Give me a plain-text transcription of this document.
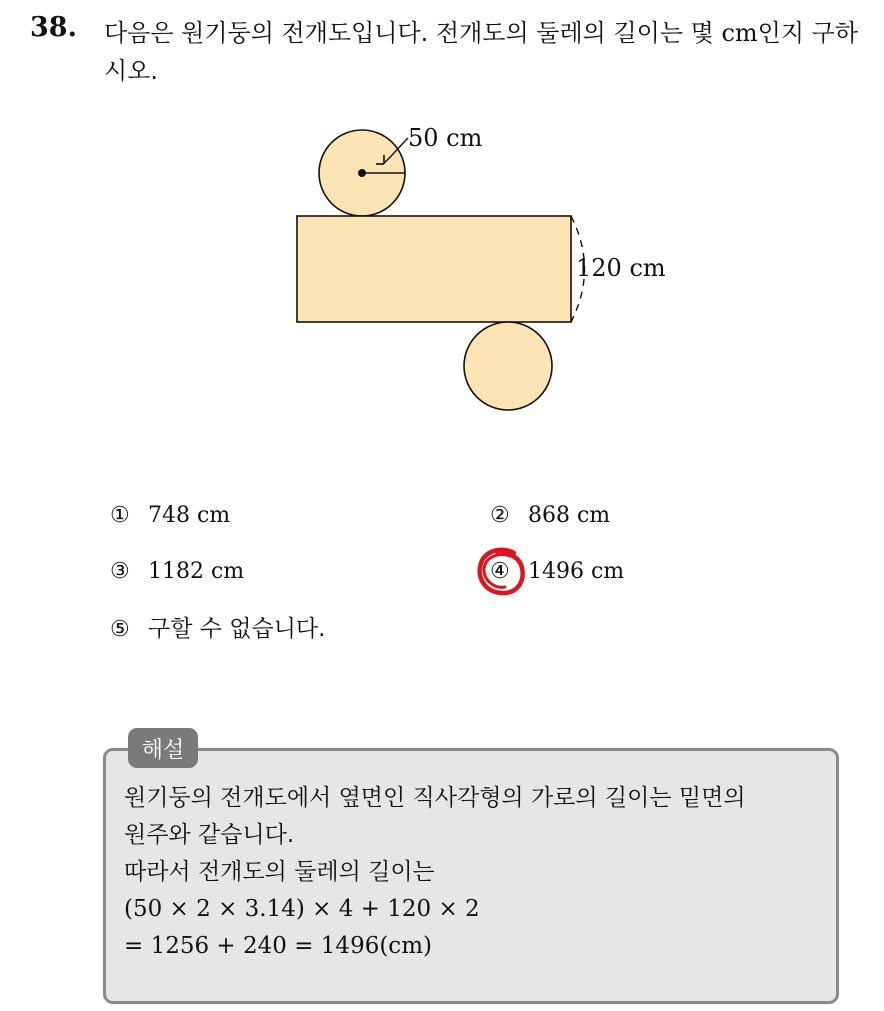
38. 다음은 원기둥의 전개도입니다. 전개도의 둘레의 길이는 몇 cm인지 구하시오.
50 cm
120 cm
① 748 cm	② 868 cm
③ 1182 cm	④ 1496 cm
⑤ 구할 수 없습니다.
해설
원기둥의 전개도에서 옆면인 직사각형의 가로의 길이는 밑면의
원주와 같습니다.
따라서 전개도의 둘레의 길이는
(50 × 2 × 3.14) × 4 + 120 × 2
= 1256 + 240 = 1496(cm)
